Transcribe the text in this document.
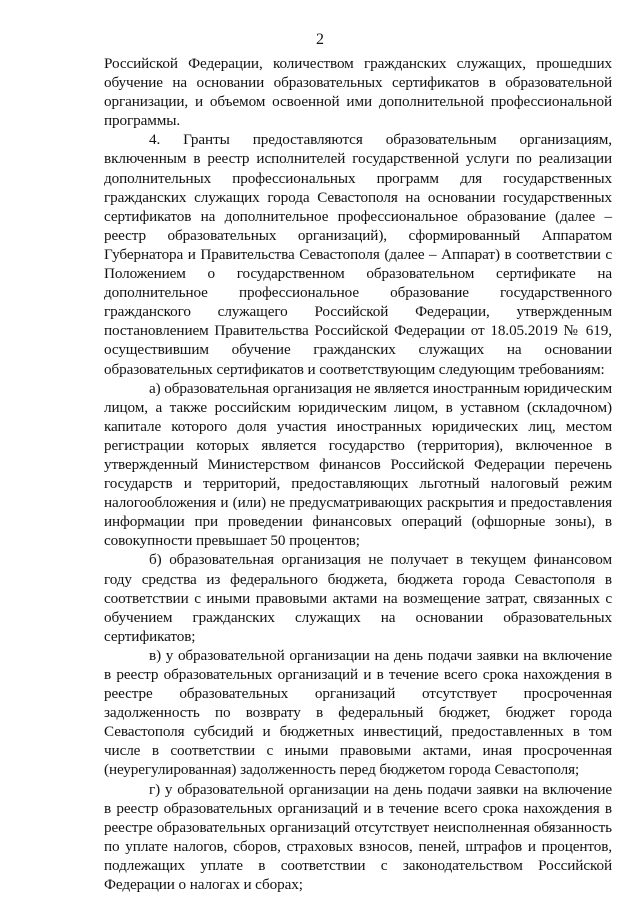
2

Российской Федерации, количеством гражданских служащих, прошедших обучение на основании образовательных сертификатов в образовательной организации, и объемом освоенной ими дополнительной профессиональной программы.

4. Гранты предоставляются образовательным организациям, включенным в реестр исполнителей государственной услуги по реализации дополнительных профессиональных программ для государственных гражданских служащих города Севастополя на основании государственных сертификатов на дополнительное профессиональное образование (далее – реестр образовательных организаций), сформированный Аппаратом Губернатора и Правительства Севастополя (далее – Аппарат) в соответствии с Положением о государственном образовательном сертификате на дополнительное профессиональное образование государственного гражданского служащего Российской Федерации, утвержденным постановлением Правительства Российской Федерации от 18.05.2019 № 619, осуществившим обучение гражданских служащих на основании образовательных сертификатов и соответствующим следующим требованиям:

а) образовательная организация не является иностранным юридическим лицом, а также российским юридическим лицом, в уставном (складочном) капитале которого доля участия иностранных юридических лиц, местом регистрации которых является государство (территория), включенное в утвержденный Министерством финансов Российской Федерации перечень государств и территорий, предоставляющих льготный налоговый режим налогообложения и (или) не предусматривающих раскрытия и предоставления информации при проведении финансовых операций (офшорные зоны), в совокупности превышает 50 процентов;

б) образовательная организация не получает в текущем финансовом году средства из федерального бюджета, бюджета города Севастополя в соответствии с иными правовыми актами на возмещение затрат, связанных с обучением гражданских служащих на основании образовательных сертификатов;

в) у образовательной организации на день подачи заявки на включение в реестр образовательных организаций и в течение всего срока нахождения в реестре образовательных организаций отсутствует просроченная задолженность по возврату в федеральный бюджет, бюджет города Севастополя субсидий и бюджетных инвестиций, предоставленных в том числе в соответствии с иными правовыми актами, иная просроченная (неурегулированная) задолженность перед бюджетом города Севастополя;

г) у образовательной организации на день подачи заявки на включение в реестр образовательных организаций и в течение всего срока нахождения в реестре образовательных организаций отсутствует неисполненная обязанность по уплате налогов, сборов, страховых взносов, пеней, штрафов и процентов, подлежащих уплате в соответствии с законодательством Российской Федерации о налогах и сборах;
